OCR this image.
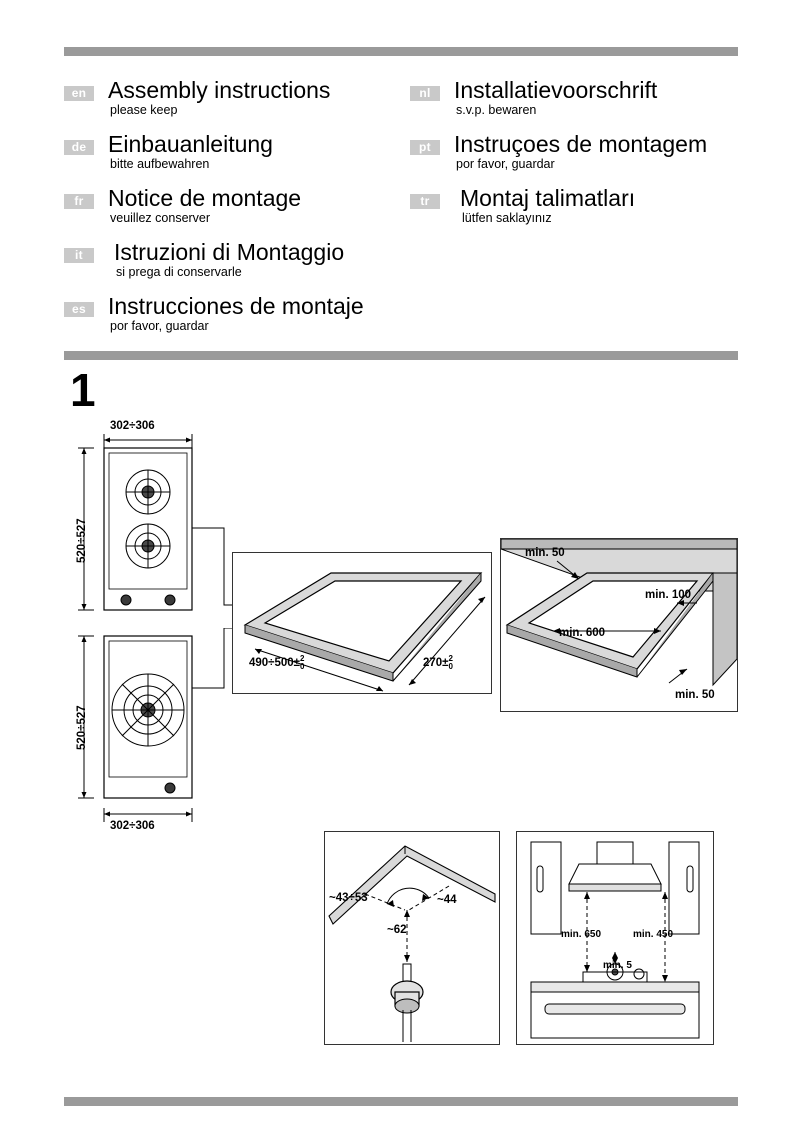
en Assembly instructions
please keep
de Einbauanleitung
bitte aufbewahren
fr	Notice de montage
veuillez conserver
it	Istruzioni di Montaggio
si prega di conservarle
es Instrucciones de montaje
por favor, guardar
nl	Installatievoorschrift
s.v.p. bewaren
pt	Instruçoes de montagem
por favor, guardar
tr	Montaj talimatları
lütfen saklayınız
1
302÷306
520÷527
520÷527
302÷306
490÷500± 2
0	270± 2
0
min. 50
min. 100
min. 600
min. 50
~43÷53	~44
~62	min. 650	min. 450
min. 5
